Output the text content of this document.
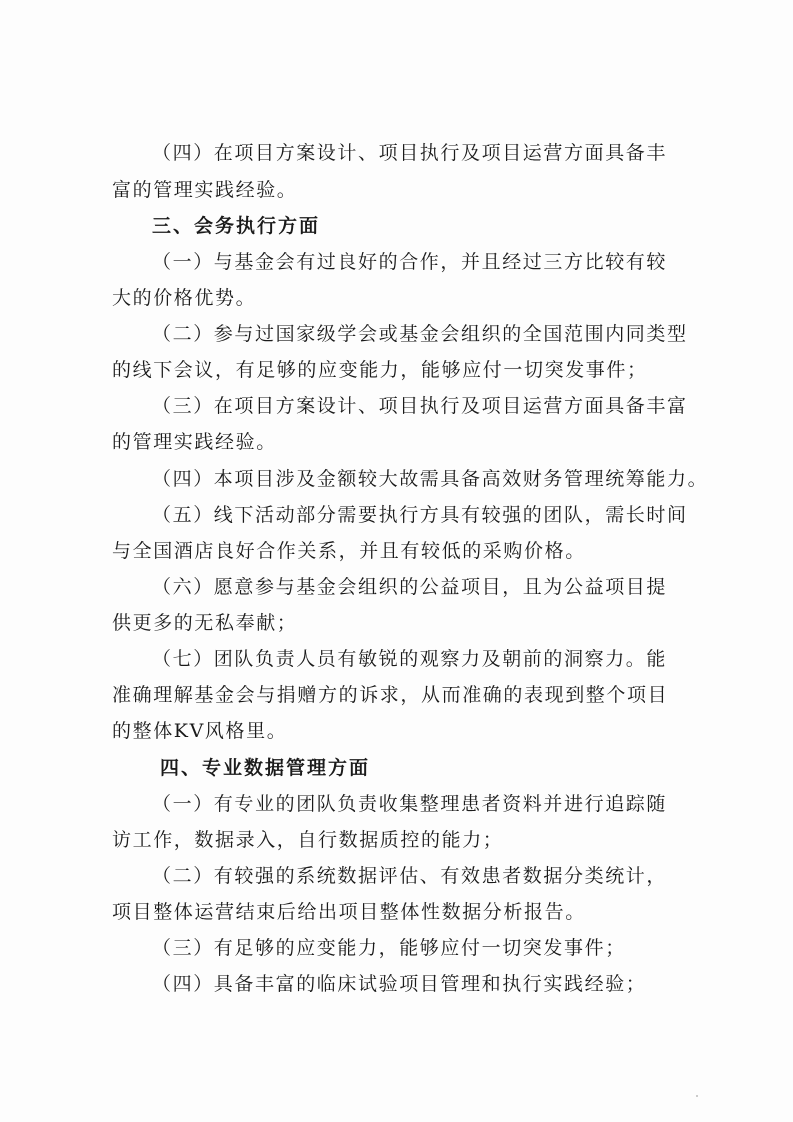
（四）在项目方案设计、项目执行及项目运营方面具备丰
富的管理实践经验。
三、会务执行方面
（一）与基金会有过良好的合作，并且经过三方比较有较
大的价格优势。
（二）参与过国家级学会或基金会组织的全国范围内同类型
的线下会议，有足够的应变能力，能够应付一切突发事件；
（三）在项目方案设计、项目执行及项目运营方面具备丰富
的管理实践经验。
（四）本项目涉及金额较大故需具备高效财务管理统筹能力。
（五）线下活动部分需要执行方具有较强的团队，需长时间
与全国酒店良好合作关系，并且有较低的采购价格。
（六）愿意参与基金会组织的公益项目，且为公益项目提
供更多的无私奉献；
（七）团队负责人员有敏锐的观察力及朝前的洞察力。能
准确理解基金会与捐赠方的诉求，从而准确的表现到整个项目
的整体KV风格里。
四、专业数据管理方面
（一）有专业的团队负责收集整理患者资料并进行追踪随
访工作，数据录入，自行数据质控的能力；
（二）有较强的系统数据评估、有效患者数据分类统计，
项目整体运营结束后给出项目整体性数据分析报告。
（三）有足够的应变能力，能够应付一切突发事件；
（四）具备丰富的临床试验项目管理和执行实践经验；
